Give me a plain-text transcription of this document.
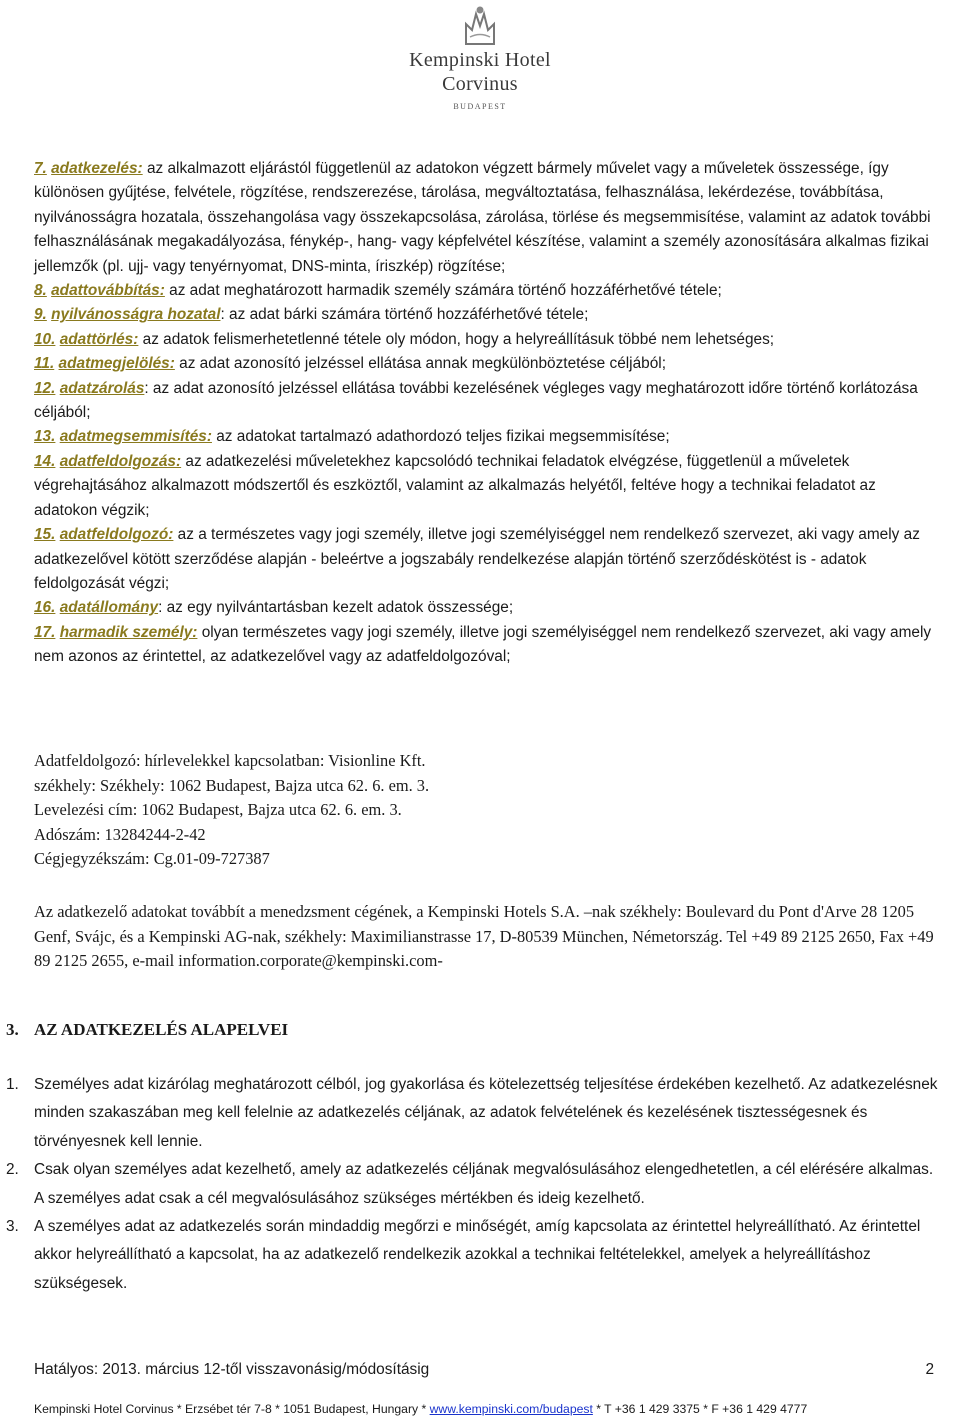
Kempinski Hotel
Corvinus
BUDAPEST

7. adatkezelés: az alkalmazott eljárástól függetlenül az adatokon végzett bármely művelet vagy a műveletek összessége, így különösen gyűjtése, felvétele, rögzítése, rendszerezése, tárolása, megváltoztatása, felhasználása, lekérdezése, továbbítása, nyilvánosságra hozatala, összehangolása vagy összekapcsolása, zárolása, törlése és megsemmisítése, valamint az adatok további felhasználásának megakadályozása, fénykép-, hang- vagy képfelvétel készítése, valamint a személy azonosítására alkalmas fizikai jellemzők (pl. ujj- vagy tenyérnyomat, DNS-minta, íriszkép) rögzítése;

8. adattovábbítás: az adat meghatározott harmadik személy számára történő hozzáférhetővé tétele;

9. nyilvánosságra hozatal: az adat bárki számára történő hozzáférhetővé tétele;

10. adattörlés: az adatok felismerhetetlenné tétele oly módon, hogy a helyreállításuk többé nem lehetséges;

11. adatmegjelölés: az adat azonosító jelzéssel ellátása annak megkülönböztetése céljából;

12. adatzárolás: az adat azonosító jelzéssel ellátása további kezelésének végleges vagy meghatározott időre történő korlátozása céljából;

13. adatmegsemmisítés: az adatokat tartalmazó adathordozó teljes fizikai megsemmisítése;

14. adatfeldolgozás: az adatkezelési műveletekhez kapcsolódó technikai feladatok elvégzése, függetlenül a műveletek végrehajtásához alkalmazott módszertől és eszköztől, valamint az alkalmazás helyétől, feltéve hogy a technikai feladatot az adatokon végzik;

15. adatfeldolgozó: az a természetes vagy jogi személy, illetve jogi személyiséggel nem rendelkező szervezet, aki vagy amely az adatkezelővel kötött szerződése alapján - beleértve a jogszabály rendelkezése alapján történő szerződéskötést is - adatok feldolgozását végzi;

16. adatállomány: az egy nyilvántartásban kezelt adatok összessége;

17. harmadik személy: olyan természetes vagy jogi személy, illetve jogi személyiséggel nem rendelkező szervezet, aki vagy amely nem azonos az érintettel, az adatkezelővel vagy az adatfeldolgozóval;

Adatfeldolgozó: hírlevelekkel kapcsolatban: Visionline Kft.

székhely: Székhely: 1062 Budapest, Bajza utca 62. 6. em. 3.

Levelezési cím: 1062 Budapest, Bajza utca 62. 6. em. 3.

Adószám: 13284244-2-42

Cégjegyzékszám: Cg.01-09-727387

Az adatkezelő adatokat továbbít a menedzsment cégének, a Kempinski Hotels S.A. –nak székhely: Boulevard du Pont d'Arve 28 1205 Genf, Svájc, és a Kempinski AG-nak, székhely: Maximilianstrasse 17, D-80539 München, Németország. Tel +49 89 2125 2650, Fax +49 89 2125 2655, e-mail information.corporate@kempinski.com-

3. AZ ADATKEZELÉS ALAPELVEI
1. Személyes adat kizárólag meghatározott célból, jog gyakorlása és kötelezettség teljesítése érdekében kezelhető. Az adatkezelésnek minden szakaszában meg kell felelnie az adatkezelés céljának, az adatok felvételének és kezelésének tisztességesnek és törvényesnek kell lennie.
2. Csak olyan személyes adat kezelhető, amely az adatkezelés céljának megvalósulásához elengedhetetlen, a cél elérésére alkalmas. A személyes adat csak a cél megvalósulásához szükséges mértékben és ideig kezelhető.
3. A személyes adat az adatkezelés során mindaddig megőrzi e minőségét, amíg kapcsolata az érintettel helyreállítható. Az érintettel akkor helyreállítható a kapcsolat, ha az adatkezelő rendelkezik azokkal a technikai feltételekkel, amelyek a helyreállításhoz szükségesek.
Hatályos: 2013. március 12-től visszavonásig/módosításig	2
Kempinski Hotel Corvinus * Erzsébet tér 7-8 * 1051 Budapest, Hungary * www.kempinski.com/budapest * T +36 1 429 3375 * F +36 1 429 4777
